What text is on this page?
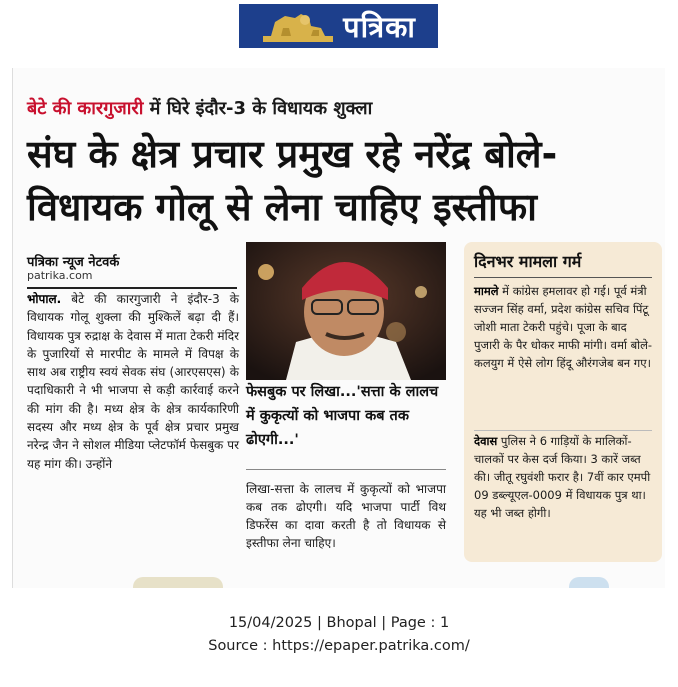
पत्रिका
बेटे की कारगुजारी में घिरे इंदौर-3 के विधायक शुक्ला
संघ के क्षेत्र प्रचार प्रमुख रहे नरेंद्र बोले-
विधायक गोलू से लेना चाहिए इस्तीफा
पत्रिका न्यूज नेटवर्क
patrika.com
भोपाल. बेटे की कारगुजारी ने इंदौर-3 के विधायक गोलू शुक्ला की मुश्किलें बढ़ा दी हैं। विधायक पुत्र रुद्राक्ष के देवास में माता टेकरी मंदिर के पुजारियों से मारपीट के मामले में विपक्ष के साथ अब राष्ट्रीय स्वयं सेवक संघ (आरएसएस) के पदाधिकारी ने भी भाजपा से कड़ी कार्रवाई करने की मांग की है। मध्य क्षेत्र के क्षेत्र कार्यकारिणी सदस्य और मध्य क्षेत्र के पूर्व क्षेत्र प्रचार प्रमुख नरेन्द्र जैन ने सोशल मीडिया प्लेटफॉर्म फेसबुक पर यह मांग की। उन्होंने
फेसबुक पर लिखा...'सत्ता के लालच में कुकृत्यों को भाजपा कब तक ढोएगी...'
लिखा-सत्ता के लालच में कुकृत्यों को भाजपा कब तक ढोएगी। यदि भाजपा पार्टी विथ डिफरेंस का दावा करती है तो विधायक से इस्तीफा लेना चाहिए।
दिनभर मामला गर्म
मामले में कांग्रेस हमलावर हो गई। पूर्व मंत्री सज्जन सिंह वर्मा, प्रदेश कांग्रेस सचिव पिंटू जोशी माता टेकरी पहुंचे। पूजा के बाद पुजारी के पैर धोकर माफी मांगी। वर्मा बोले-कलयुग में ऐसे लोग हिंदू औरंगजेब बन गए।
देवास पुलिस ने 6 गाड़ियों के मालिकों-चालकों पर केस दर्ज किया। 3 कारें जब्त की। जीतू रघुवंशी फरार है। 7वीं कार एमपी 09 डब्ल्यूएल-0009 में विधायक पुत्र था। यह भी जब्त होगी।
15/04/2025 | Bhopal | Page : 1
Source : https://epaper.patrika.com/
